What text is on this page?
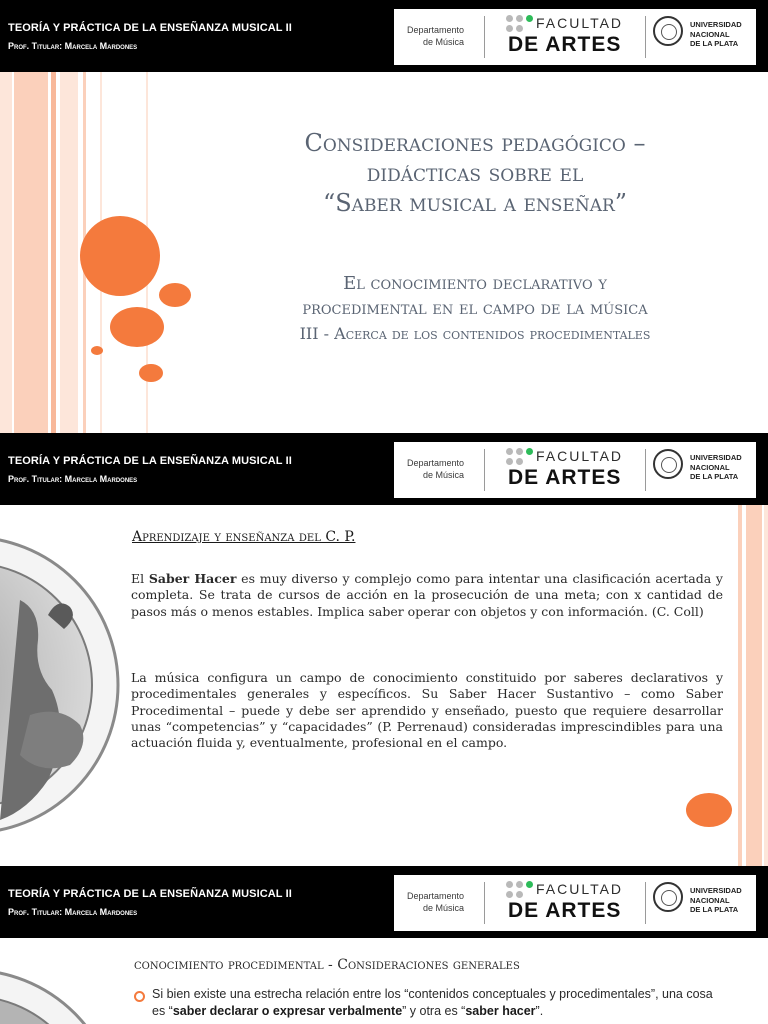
TEORÍA Y PRÁCTICA DE LA ENSEÑANZA MUSICAL II
Prof. Titular: Marcela Mardones
Departamento
de Música
FACULTAD
DE ARTES
UNIVERSIDAD
NACIONAL
DE LA PLATA
Consideraciones pedagógico –
didácticas sobre el
“Saber musical a enseñar”
El conocimiento declarativo y
procedimental en el campo de la música
III - Acerca de los contenidos procedimentales
TEORÍA Y PRÁCTICA DE LA ENSEÑANZA MUSICAL II
Prof. Titular: Marcela Mardones
Departamento
de Música
FACULTAD
DE ARTES
UNIVERSIDAD
NACIONAL
DE LA PLATA
Aprendizaje y enseñanza del C. P.

El Saber Hacer es muy diverso y complejo como para intentar una clasificación acertada y completa. Se trata de cursos de acción en la prosecución de una meta; con x cantidad de pasos más o menos estables. Implica saber operar con objetos y con información. (C. Coll)

La música configura un campo de conocimiento constituido por saberes declarativos y procedimentales generales y específicos. Su Saber Hacer Sustantivo – como Saber Procedimental – puede y debe ser aprendido y enseñado, puesto que requiere desarrollar unas “competencias” y “capacidades” (P. Perrenaud) consideradas imprescindibles para una actuación fluida y, eventualmente, profesional en el campo.

TEORÍA Y PRÁCTICA DE LA ENSEÑANZA MUSICAL II
Prof. Titular: Marcela Mardones
Departamento
de Música
FACULTAD
DE ARTES
UNIVERSIDAD
NACIONAL
DE LA PLATA
conocimiento procedimental - Consideraciones generales

Si bien existe una estrecha relación entre los “contenidos conceptuales y procedimentales”, una cosa es “saber declarar o expresar verbalmente” y otra es “saber hacer”.
